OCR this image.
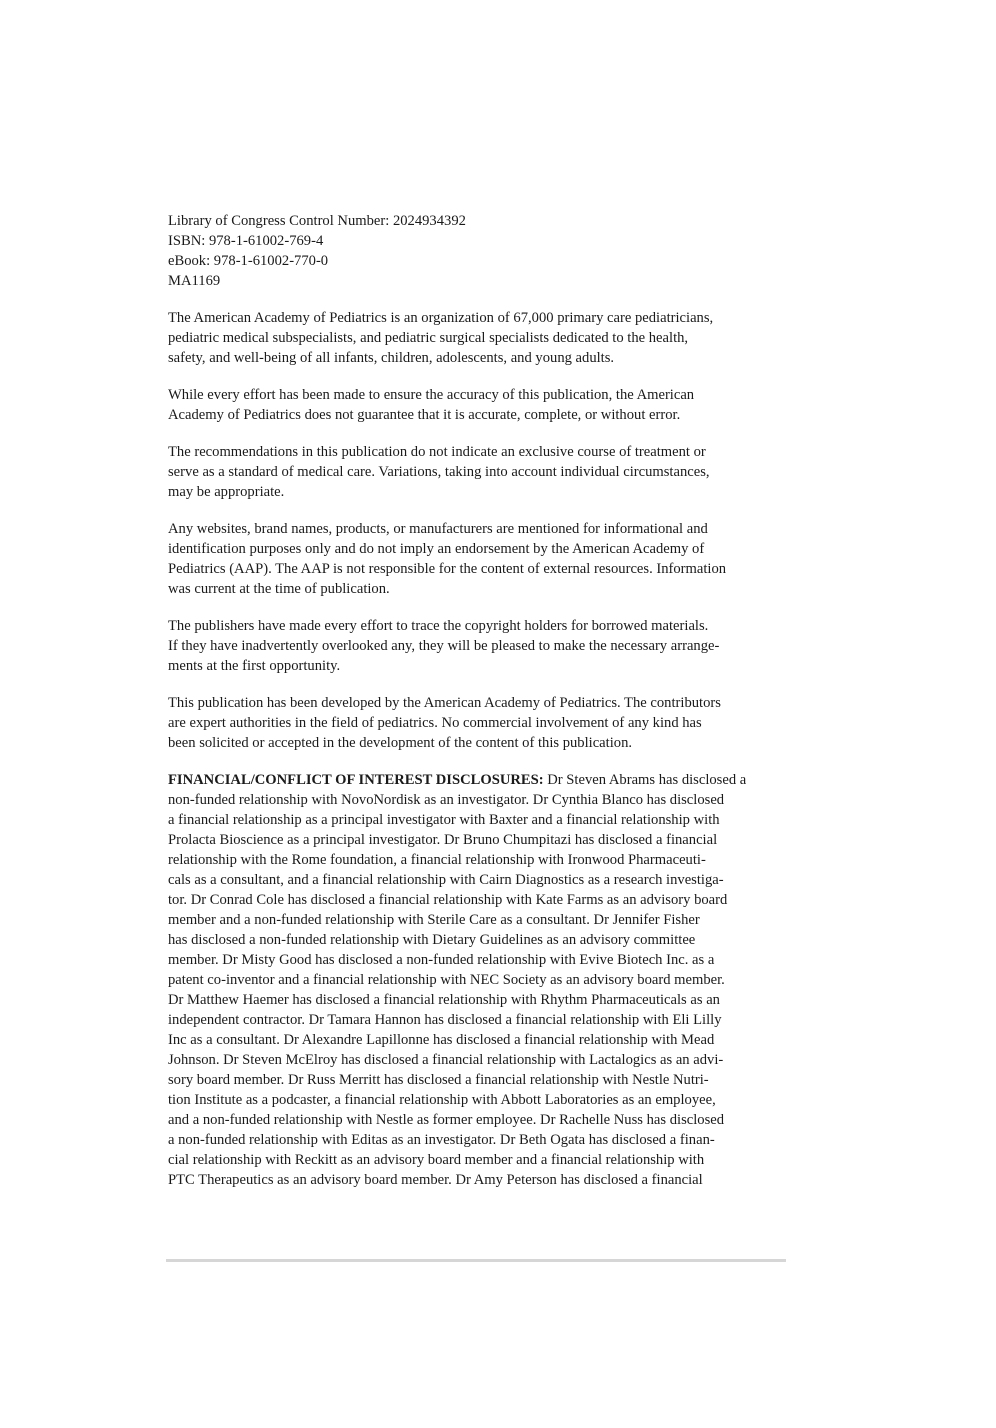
Library of Congress Control Number: 2024934392
ISBN: 978-1-61002-769-4
eBook: 978-1-61002-770-0
MA1169
The American Academy of Pediatrics is an organization of 67,000 primary care pediatricians,
pediatric medical subspecialists, and pediatric surgical specialists dedicated to the health,
safety, and well-being of all infants, children, adolescents, and young adults.
While every effort has been made to ensure the accuracy of this publication, the American
Academy of Pediatrics does not guarantee that it is accurate, complete, or without error.
The recommendations in this publication do not indicate an exclusive course of treatment or
serve as a standard of medical care. Variations, taking into account individual circumstances,
may be appropriate.
Any websites, brand names, products, or manufacturers are mentioned for informational and
identification purposes only and do not imply an endorsement by the American Academy of
Pediatrics (AAP). The AAP is not responsible for the content of external resources. Information
was current at the time of publication.
The publishers have made every effort to trace the copyright holders for borrowed materials.
If they have inadvertently overlooked any, they will be pleased to make the necessary arrange-
ments at the first opportunity.
This publication has been developed by the American Academy of Pediatrics. The contributors
are expert authorities in the field of pediatrics. No commercial involvement of any kind has
been solicited or accepted in the development of the content of this publication.
FINANCIAL/CONFLICT OF INTEREST DISCLOSURES: Dr Steven Abrams has disclosed a
non-funded relationship with NovoNordisk as an investigator. Dr Cynthia Blanco has disclosed
a financial relationship as a principal investigator with Baxter and a financial relationship with
Prolacta Bioscience as a principal investigator. Dr Bruno Chumpitazi has disclosed a financial
relationship with the Rome foundation, a financial relationship with Ironwood Pharmaceuti-
cals as a consultant, and a financial relationship with Cairn Diagnostics as a research investiga-
tor. Dr Conrad Cole has disclosed a financial relationship with Kate Farms as an advisory board
member and a non-funded relationship with Sterile Care as a consultant. Dr Jennifer Fisher
has disclosed a non-funded relationship with Dietary Guidelines as an advisory committee
member. Dr Misty Good has disclosed a non-funded relationship with Evive Biotech Inc. as a
patent co-inventor and a financial relationship with NEC Society as an advisory board member.
Dr Matthew Haemer has disclosed a financial relationship with Rhythm Pharmaceuticals as an
independent contractor. Dr Tamara Hannon has disclosed a financial relationship with Eli Lilly
Inc as a consultant. Dr Alexandre Lapillonne has disclosed a financial relationship with Mead
Johnson. Dr Steven McElroy has disclosed a financial relationship with Lactalogics as an advi-
sory board member. Dr Russ Merritt has disclosed a financial relationship with Nestle Nutri-
tion Institute as a podcaster, a financial relationship with Abbott Laboratories as an employee,
and a non-funded relationship with Nestle as former employee. Dr Rachelle Nuss has disclosed
a non-funded relationship with Editas as an investigator. Dr Beth Ogata has disclosed a finan-
cial relationship with Reckitt as an advisory board member and a financial relationship with
PTC Therapeutics as an advisory board member. Dr Amy Peterson has disclosed a financial
